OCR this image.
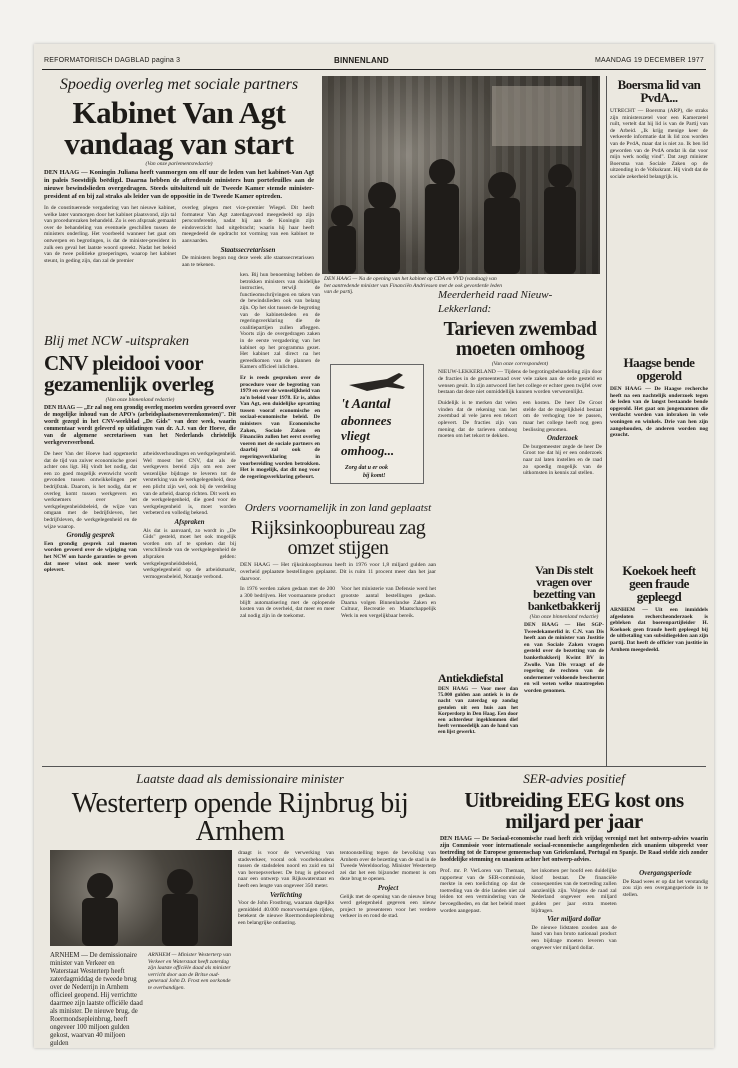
REFORMATORISCH DAGBLAD pagina 3	BINNENLAND	MAANDAG 19 DECEMBER 1977
Spoedig overleg met sociale partners
Kabinet Van Agt vandaag van start
(Van onze parlementsredactie)
DEN HAAG — Koningin Juliana heeft vanmorgen om elf uur de leden van het kabinet-Van Agt in paleis Soestdijk beëdigd. Daarna hebben de aftredende ministers hun portefeuilles aan de nieuwe bewindslieden overgedragen. Steeds uitsluitend uit de Tweede Kamer stemde minister-president af en bij zal straks als leider van de oppositie in de Tweede Kamer optreden.
In de constituerende vergadering van het nieuwe kabinet, welke later vanmorgen door het kabinet plaatsvond, zijn tal van procedurezaken behandeld. Zo is een afspraak gemaakt over de behandeling van eventuele geschillen tussen de ministers onderling. Het voorbeeld wanneer het gaat om ontwerpen en begrotingen, is dat de minister-president in zulk een geval het laatste woord spreekt. Nadat het beleid van de twee politieke groeperingen, waarop het kabinet steunt, in geding zijn, dan zal de premier
overleg plegen met vice-premier Wiegel. Dit heeft formateur Van Agt zaterdagavond meegedeeld op zijn persconferentie, nadat hij aan de Koningin zijn eindoverzicht had uitgebracht; waarin hij haar heeft meegedeeld de opdracht tot vorming van een kabinet te aanvaarden.
Staatssecretarissen
De ministers begon nog deze week alle staatssecretarissen aan te tekenen.
ken. Bij hun benoeming hebben de betrokken ministers van duidelijke instructies, terwijl de functieomschrijvingen en taken van de bewindslieden ook van belang zijn. Op het slot tussen de begroting van de kabinetsleden en de regeringsverklaring die de coalitiepartijen zullen afleggen. Voorts zijn de overgedragen zaken in de eerste vergadering van het kabinet op het programma gezet. Het kabinet zal direct na het gereedkomen van de plannen de Kamers officieel inlichten.
Er is reeds gesproken over de procedure voor de begroting van 1979 en over de wenselijkheid van zo'n beleid voor 1978. Er is, aldus Van Agt, een duidelijke opvatting tussen vooraf economische en sociaal-economische beleid. De ministers van Economische Zaken, Sociale Zaken en Financiën zullen het eerst overleg voeren met de sociale partners en daarbij zal ook de regeringsverklaring in voorbereiding worden betrokken. Het is mogelijk, dat dit nog voor de regeringsverklaring gebeurt.
DEN HAAG — Na de opening van het kabinet op CDA en VVD (vandaag) van het aantredende minister van Financiën Andriessen met de ook gevorderde leden van de partij.
Blij met NCW -uitspraken
CNV pleidooi voor gezamenlijk overleg
(Van onze binnenland redactie)
DEN HAAG — „Er zal nog een grondig overleg moeten worden gevoerd over de mogelijke inhoud van de APO's (arbeidsplaatsenovereenkomsten)". Dit wordt gezegd in het CNV-weekblad „De Gids" van deze week, waarin commentaar wordt geleverd op uitlatingen van dr. A.J. van der Hoeve, die van de algemene secretarissen van het Nederlands christelijk werkgeversverbond.
De heer Van der Hoeve had opgemerkt dat de tijd van zuiver economische groei achter ons ligt. Hij vindt het nodig, dat een zo goed mogelijk evenwicht wordt gevonden tussen ontwikkelingen per bedrijfstak. Daarom, is het nodig, dat er overleg komt tussen werkgevers en werknemers over het werkgelegenheidsbeleid, de wijze van omgaan met de bedrijfsleven, het bedrijfsleven, de werkgelegenheid en de wijze waarop.
Grondig gesprek
Een grondig gesprek zal moeten worden gevoerd over de wijziging van het NCW om harde garanties te geven dat meer winst ook meer werk oplevert.
arbeidsverhoudingen en werkgelegenheid. Wel moest het CNV, dat als de werkgevers bereid zijn om een zeer wezenlijke bijdrage te leveren tot de versterking van de werkgelegenheid, deze een plicht zijn wel, ook bij de verdeling van de arbeid, daarop richten. Dit werk en de werkgelegenheid, die goed voor de werkgelegenheid is, moet worden verbeterd en volledig bekend.
Afspraken
Als dat is aanvaard, zo wordt in „De Gids" gesteld, moet het ook mogelijk worden om af te spreken dat bij verschillende van de werkgelegenheid de afspraken gelden: werkgelegenheidsbeleid, werkgelegenheid op de arbeidsmarkt, vermogensbeleid, Notaatje verbond.
't Aantal
abonnees
vliegt
omhoog...
Zorg dat u er ook
bij komt!
Orders voornamelijk in zon land geplaatst
Rijksinkoopbureau zag omzet stijgen
DEN HAAG — Het rijksinkoopbureau heeft in 1976 voor 1,8 miljard gulden aan overheid geplaatste bestellingen geplaatst. Dit is ruim 11 procent meer dan het jaar daarvoor.
In 1976 werden zaken gedaan met de 200 a 300 bedrijven. Het voornaamste product blijft automatisering met de oplopende kosten van de overheid, dat meer en meer zal nodig zijn in de toekomst.
Voor het ministerie van Defensie werd het grootste aantal bestellingen gedaan. Daarna volgen Binnenlandse Zaken en Cultuur, Recreatie en Maatschappelijk Werk in een vergelijkbaar bereik.
Meerderheid raad Nieuw-Lekkerland:
Tarieven zwembad moeten omhoog
(Van onze correspondent)
NIEUW-LEKKERLAND — Tijdens de begrotingsbehandeling zijn door de fracties in de gemeenteraad over vele zaken aan de orde gesteld en wensen geuit. In zijn antwoord liet het college er echter geen twijfel over bestaan dat deze niet onmiddellijk kunnen worden verwezenlijkt.
Duidelijk is te merken dat velen vinden dat de rekening van het zwembad al vele jaren een tekort oplevert. De fracties zijn van mening dat de tarieven omhoog moeten om het tekort te dekken.
een kosten. De heer De Groot stelde dat de mogelijkheid bestaat om de verhoging toe te passen, maar het college heeft nog geen beslissing genomen.
Onderzoek
De burgemeester zegde de heer De Groot toe dat hij er een onderzoek naar zal laten instellen en de raad zo spoedig mogelijk van de uitkomsten in kennis zal stellen.
Antiekdiefstal
DEN HAAG — Voor meer dan 75.000 gulden aan antiek is in de nacht van zaterdag op zondag gestolen uit een huis aan het Korperdorp in Den Haag. Een door een achterdeur ingeklommen dief heeft vermoedelijk aan de hand van een lijst gewerkt.
Boersma lid van PvdA...
UTRECHT — Boersma (ARP), die straks zijn ministerszetel voor een Kamerzetel ruilt, vertelt dat hij lid is van de Partij van de Arbeid. „Ik krijg menige keer de verkeerde informatie dat ik lid zou worden van de PvdA, maar dat is niet zo. Ik ben lid geworden van de PvdA omdat ik dat voor mijn werk nodig vind". Dat zegt minister Boersma van Sociale Zaken op de uitzending in de Volkskrant. Hij vindt dat de sociale zekerheid belangrijk is.
Haagse bende opgerold
DEN HAAG — De Haagse recherche heeft na een nachtelijk onderzoek tegen de leden van de langst bestaande bende opgerold. Het gaat om jongemannen die verdacht worden van inbraken in vele woningen en winkels. Drie van hen zijn aangehouden, de anderen worden nog gezocht.
Van Dis stelt vragen over bezetting van banketbakkerij
(Van onze binnenland redactie)
DEN HAAG — Het SGP-Tweedekamerlid ir. C.N. van Dis heeft aan de minister van Justitie en van Sociale Zaken vragen gesteld over de bezetting van de banketbakkerij Kwint BV in Zwolle. Van Dis vraagt of de regering de rechten van de ondernemer voldoende beschermt en wil weten welke maatregelen worden genomen.
Koekoek heeft geen fraude gepleegd
ARNHEM — Uit een inmiddels afgesloten rechercheonderzoek is gebleken dat boerenpartijleider H. Koekoek geen fraude heeft gepleegd bij de uitbetaling van subsidiegelden aan zijn partij. Dat heeft de officier van justitie in Arnhem meegedeeld.
Laatste daad als demissionaire minister
Westerterp opende Rijnbrug bij Arnhem
ARNHEM — De demissionaire minister van Verkeer en Waterstaat Westerterp heeft zaterdagmiddag de tweede brug over de Nederrijn in Arnhem officieel geopend. Hij verrichtte daarmee zijn laatste officiële daad als minister. De nieuwe brug, de Roermondsepleinbrug, heeft ongeveer 100 miljoen gulden gekost, waarvan 40 miljoen gulden
ARNHEM — Minister Westerterp van Verkeer en Waterstaat heeft zaterdag zijn laatste officiële daad als minister verricht door aan de Britse oud-generaal John D. Frost een oorkonde te overhandigen.
draagt is voor de verwerking van stadsverkeer, vooral ook voorbehoudens tussen de stadsdelen noord en zuid en tal van beroepsverkeer. De brug is gebouwd naar een ontwerp van Rijkswaterstaat en heeft een lengte van ongeveer 350 meter.
Verlichting
Voor de John Frostbrug, waaraan dagelijks gemiddeld 40.000 motorvoertuigen rijden, betekent de nieuwe Roermondsepleinbrug een belangrijke ontlasting.
tentoonstelling tegen de bevolking van Arnhem over de bezetting van de stad in de Tweede Wereldoorlog. Minister Westerterp zei dat het een bijzonder moment is om deze brug te openen.
Project
Gelijk met de opening van de nieuwe brug werd gelegenheid gegeven een nieuw project te presenteren voor het verdere verkeer in en rond de stad.
SER-advies positief
Uitbreiding EEG kost ons miljard per jaar
DEN HAAG — De Sociaal-economische raad heeft zich vrijdag verenigd met het ontwerp-advies waarin zijn Commissie voor internationale sociaal-economische aangelegenheden zich unaniem uitspreekt voor toetreding tot de Europese gemeenschap van Griekenland, Portugal en Spanje. De Raad stelde zich zonder hoofdelijke stemming en unaniem achter het ontwerp-advies.
Prof. mr. P. VerLoren van Themaat, rapporteur van de SER-commissie, merkte in een toelichting op dat de toetreding van de drie landen niet zal leiden tot een vermindering van de bevoegdheden, en dat het beleid moet worden aangepast.
het inkomen per hoofd een duidelijke kloof bestaat. De financiële consequenties van de toetreding zullen aanzienlijk zijn. Volgens de raad zal Nederland ongeveer een miljard gulden per jaar extra moeten bijdragen.
Vier miljard dollar
De nieuwe lidstaten zouden aan de hand van hun bruto nationaal product een bijdrage moeten leveren van ongeveer vier miljard dollar.
Overgangsperiode
De Raad wees er op dat het verstandig zou zijn een overgangsperiode in te stellen.
